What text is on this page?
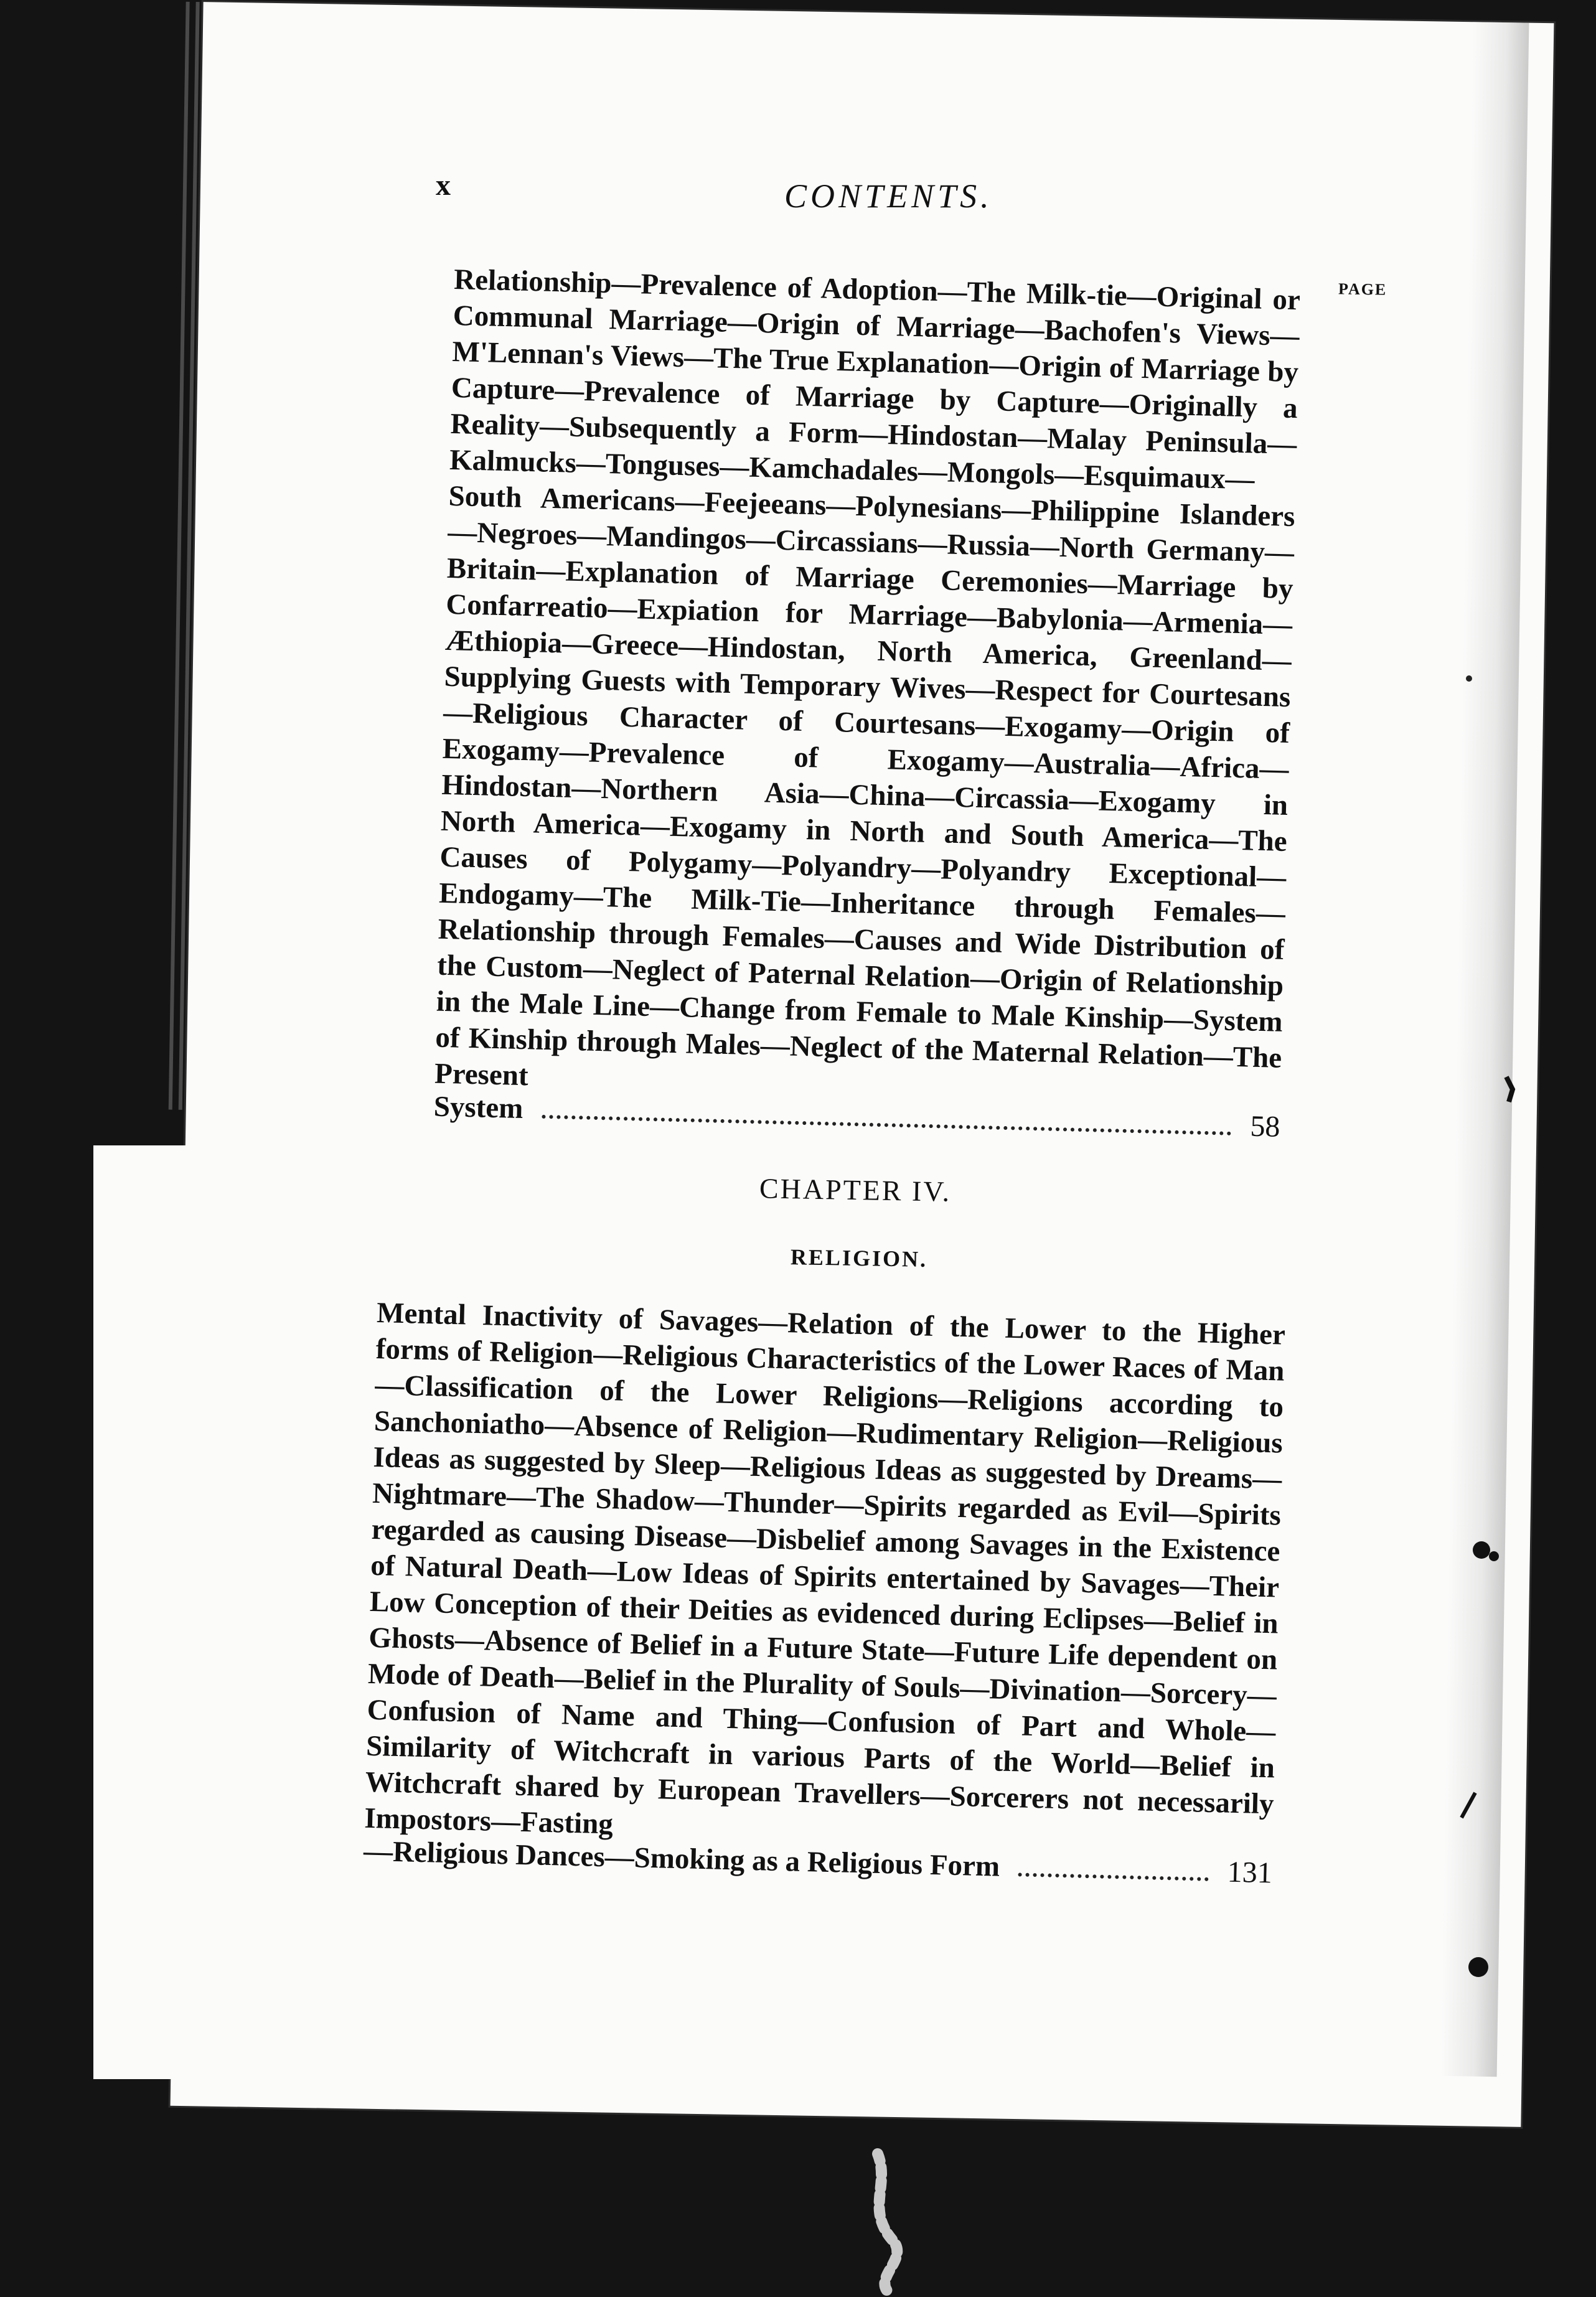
x	CONTENTS.
PAGE

Relationship—Prevalence of Adoption—The Milk-tie—Original or Communal Marriage—Origin of Marriage—Bachofen's Views—M'Lennan's Views—The True Explanation—Origin of Marriage by Capture—Prevalence of Marriage by Capture—Originally a Reality—Subsequently a Form—Hindostan—Malay Peninsula—Kalmucks—Tonguses—Kamchadales—Mongols—Esquimaux—South Americans—Feejeeans—Polynesians—Philippine Islanders—Negroes—Mandingos—Circassians—Russia—North Germany—Britain—Explanation of Marriage Ceremonies—Marriage by Confarreatio—Expiation for Marriage—Babylonia—Armenia—Æthiopia—Greece—Hindostan, North America, Greenland—Supplying Guests with Temporary Wives—Respect for Courtesans—Religious Character of Courtesans—Exogamy—Origin of Exogamy—Prevalence of Exogamy—Australia—Africa—Hindostan—Northern Asia—China—Circassia—Exogamy in North America—Exogamy in North and South America—The Causes of Polygamy—Polyandry—Polyandry Exceptional—Endogamy—The Milk-Tie—Inheritance through Females—Relationship through Females—Causes and Wide Distribution of the Custom—Neglect of Paternal Relation—Origin of Relationship in the Male Line—Change from Female to Male Kinship—System of Kinship through Males—Neglect of the Maternal Relation—The Present

System
58
CHAPTER IV.
RELIGION.

Mental Inactivity of Savages—Relation of the Lower to the Higher forms of Religion—Religious Characteristics of the Lower Races of Man—Classification of the Lower Religions—Religions according to Sanchoniatho—Absence of Religion—Rudimentary Religion—Religious Ideas as suggested by Sleep—Religious Ideas as suggested by Dreams—Nightmare—The Shadow—Thunder—Spirits regarded as Evil—Spirits regarded as causing Disease—Disbelief among Savages in the Existence of Natural Death—Low Ideas of Spirits entertained by Savages—Their Low Conception of their Deities as evidenced during Eclipses—Belief in Ghosts—Absence of Belief in a Future State—Future Life dependent on Mode of Death—Belief in the Plurality of Souls—Divination—Sorcery—Confusion of Name and Thing—Confusion of Part and Whole—Similarity of Witchcraft in various Parts of the World—Belief in Witchcraft shared by European Travellers—Sorcerers not necessarily Impostors—Fasting

—Religious Dances—Smoking as a Religious Form	131
